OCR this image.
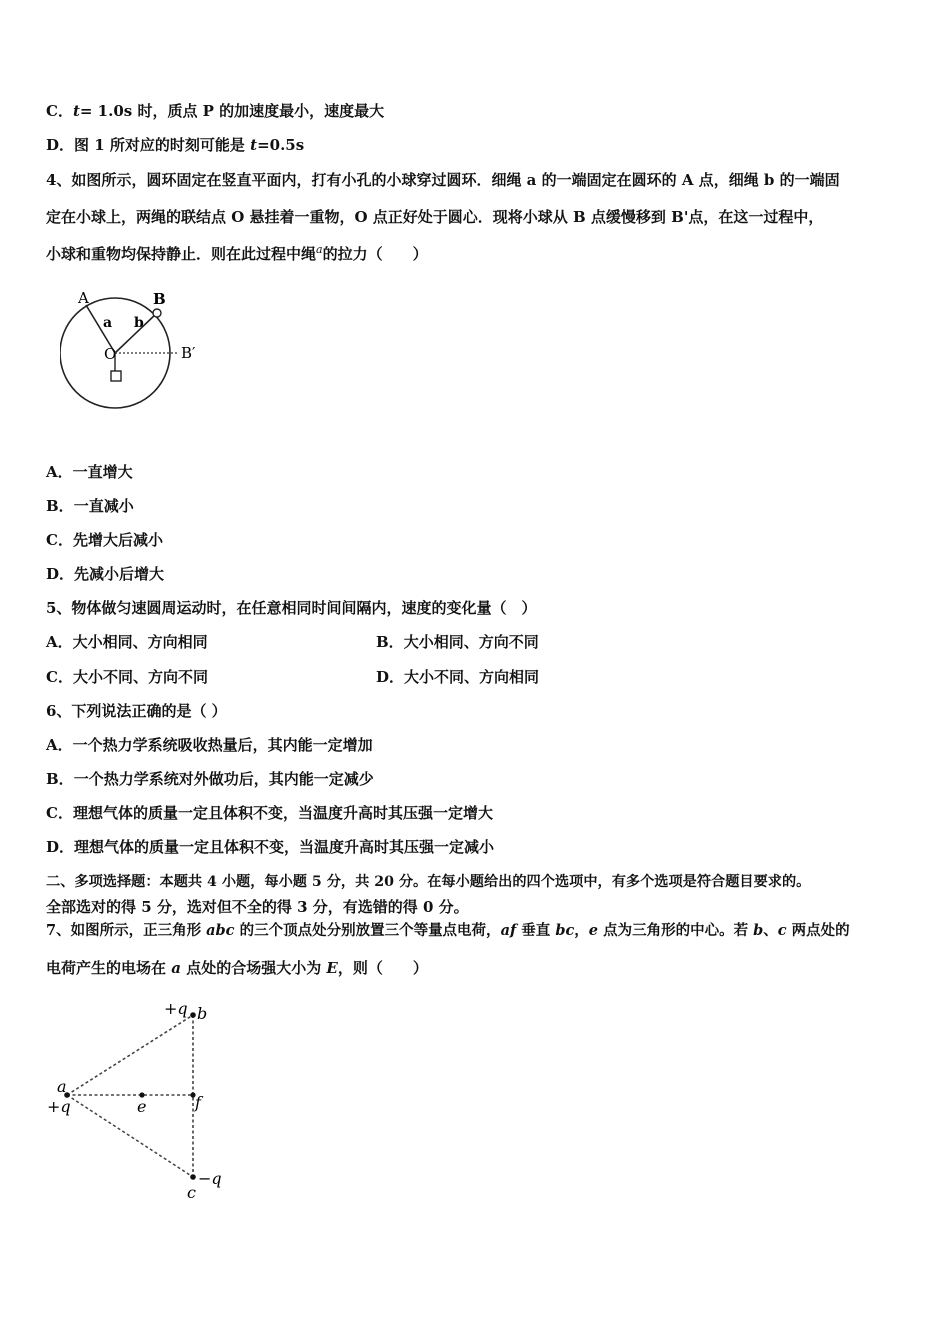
C．t= 1.0s 时，质点 P 的加速度最小，速度最大
D．图 1 所对应的时刻可能是 t=0.5s
4、如图所示，圆环固定在竖直平面内，打有小孔的小球穿过圆环．细绳 a 的一端固定在圆环的 A 点，细绳 b 的一端固
定在小球上，两绳的联结点 O 悬挂着一重物，O 点正好处于圆心．现将小球从 B 点缓慢移到 B'点，在这一过程中，
小球和重物均保持静止．则在此过程中绳$^a$的拉力（　　）
A	B
B′
O
a b
A．一直增大
B．一直减小
C．先增大后减小
D．先减小后增大
5、物体做匀速圆周运动时，在任意相同时间间隔内，速度的变化量（　）
A．大小相同、方向相同	B．大小相同、方向不同
C．大小不同、方向不同	D．大小不同、方向相同
6、下列说法正确的是（ ）
A．一个热力学系统吸收热量后，其内能一定增加
B．一个热力学系统对外做功后，其内能一定减少
C．理想气体的质量一定且体积不变，当温度升高时其压强一定增大
D．理想气体的质量一定且体积不变，当温度升高时其压强一定减小
二、多项选择题：本题共 4 小题，每小题 5 分，共 20 分。在每小题给出的四个选项中，有多个选项是符合题目要求的。
全部选对的得 5 分，选对但不全的得 3 分，有选错的得 0 分。
7、如图所示，正三角形 abc 的三个顶点处分别放置三个等量点电荷，af 垂直 bc，e 点为三角形的中心。若 b、c 两点处的
电荷产生的电场在 a 点处的合场强大小为 E，则（　　）
+q b
a
+q	e	f
−q
c
